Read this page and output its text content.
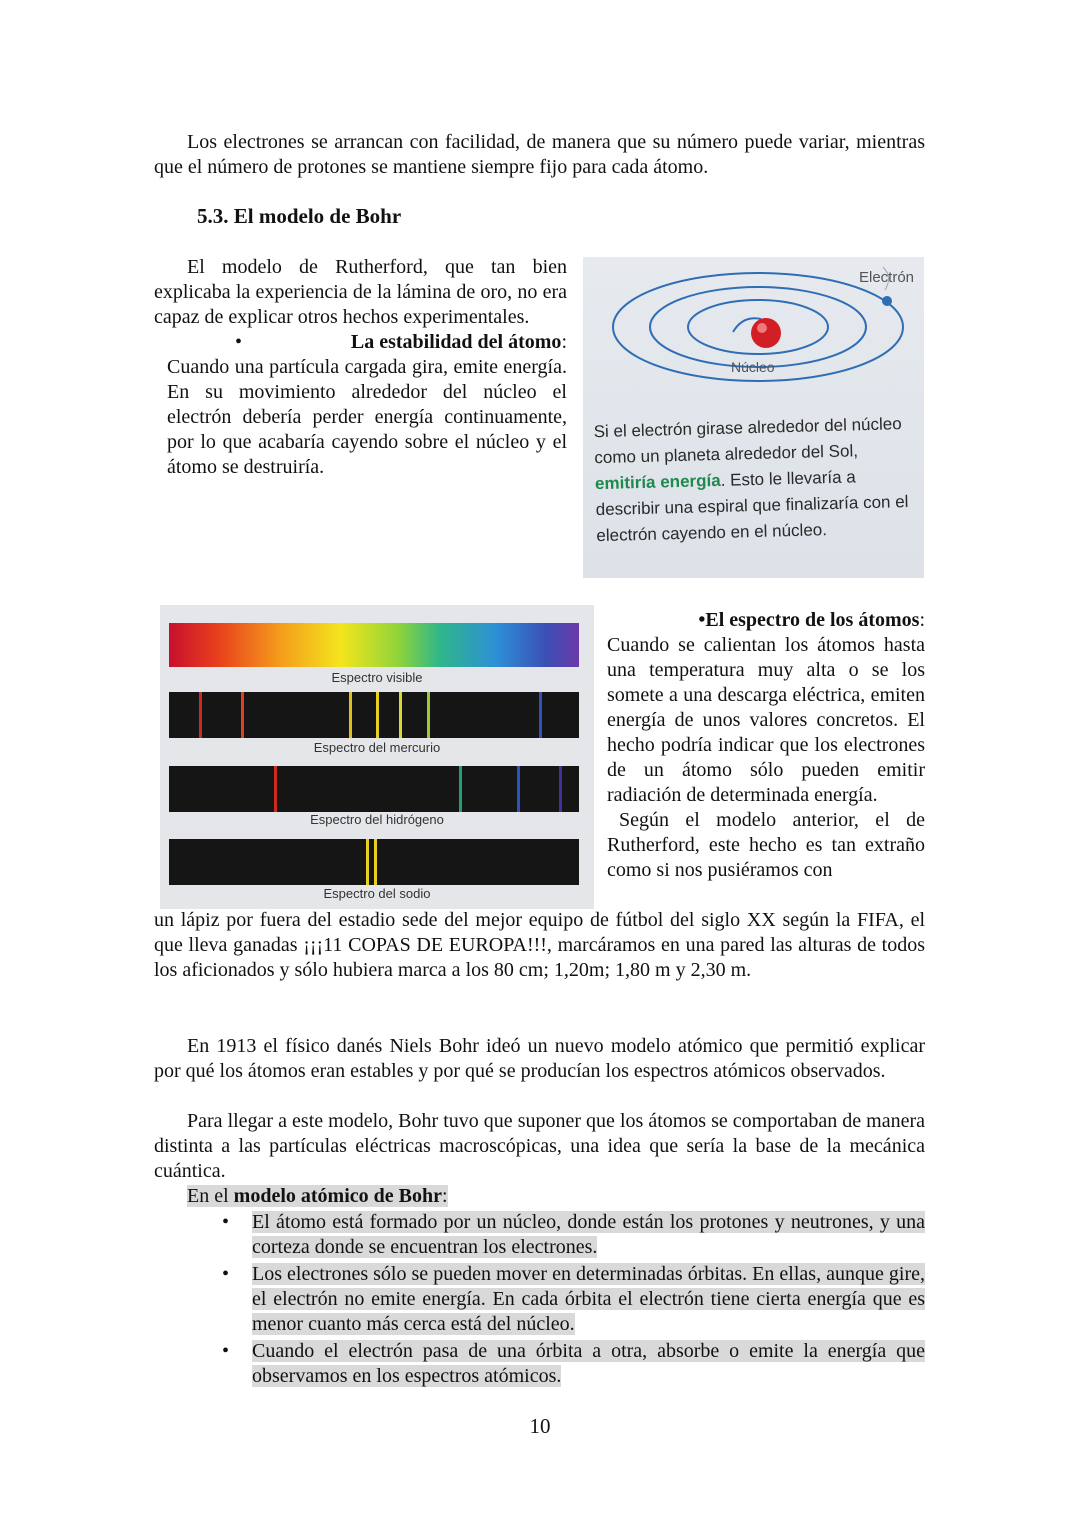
Los electrones se arrancan con facilidad, de manera que su número puede variar, mientras que el número de protones se mantiene siempre fijo para cada átomo.
5.3. El modelo de Bohr
El modelo de Rutherford, que tan bien explicaba la experiencia de la lámina de oro, no era capaz de explicar otros hechos experimentales.
•	La estabilidad del átomo:
Cuando una partícula cargada gira, emite energía. En su movimiento alrededor del núcleo el electrón debería perder energía continuamente, por lo que acabaría cayendo sobre el núcleo y el átomo se destruiría.
Electrón
Núcleo
Si el electrón girase alrededor del núcleo como un planeta alrededor del Sol, emitiría energía. Esto le llevaría a describir una espiral que finalizaría con el electrón cayendo en el núcleo.
Espectro visible
Espectro del mercurio
Espectro del hidrógeno
Espectro del sodio
•El espectro de los átomos:
Cuando se calientan los átomos hasta una temperatura muy alta o se los somete a una descarga eléctrica, emiten energía de unos valores concretos. El hecho podría indicar que los electrones de un átomo sólo pueden emitir radiación de determinada energía.
Según el modelo anterior, el de Rutherford, este hecho es tan extraño como si nos pusiéramos con
un lápiz por fuera del estadio sede del mejor equipo de fútbol del siglo XX según la FIFA, el que lleva ganadas ¡¡¡11 COPAS DE EUROPA!!!, marcáramos en una pared las alturas de todos los aficionados y sólo hubiera marca a los 80 cm; 1,20m; 1,80 m y 2,30 m.
En 1913 el físico danés Niels Bohr ideó un nuevo modelo atómico que permitió explicar por qué los átomos eran estables y por qué se producían los espectros atómicos observados.
Para llegar a este modelo, Bohr tuvo que suponer que los átomos se comportaban de manera distinta a las partículas eléctricas macroscópicas, una idea que sería la base de la mecánica cuántica.
En el modelo atómico de Bohr:
• El átomo está formado por un núcleo, donde están los protones y neutrones, y una corteza donde se encuentran los electrones.
• Los electrones sólo se pueden mover en determinadas órbitas. En ellas, aunque gire, el electrón no emite energía. En cada órbita el electrón tiene cierta energía que es menor cuanto más cerca está del núcleo.
• Cuando el electrón pasa de una órbita a otra, absorbe o emite la energía que observamos en los espectros atómicos.
10
